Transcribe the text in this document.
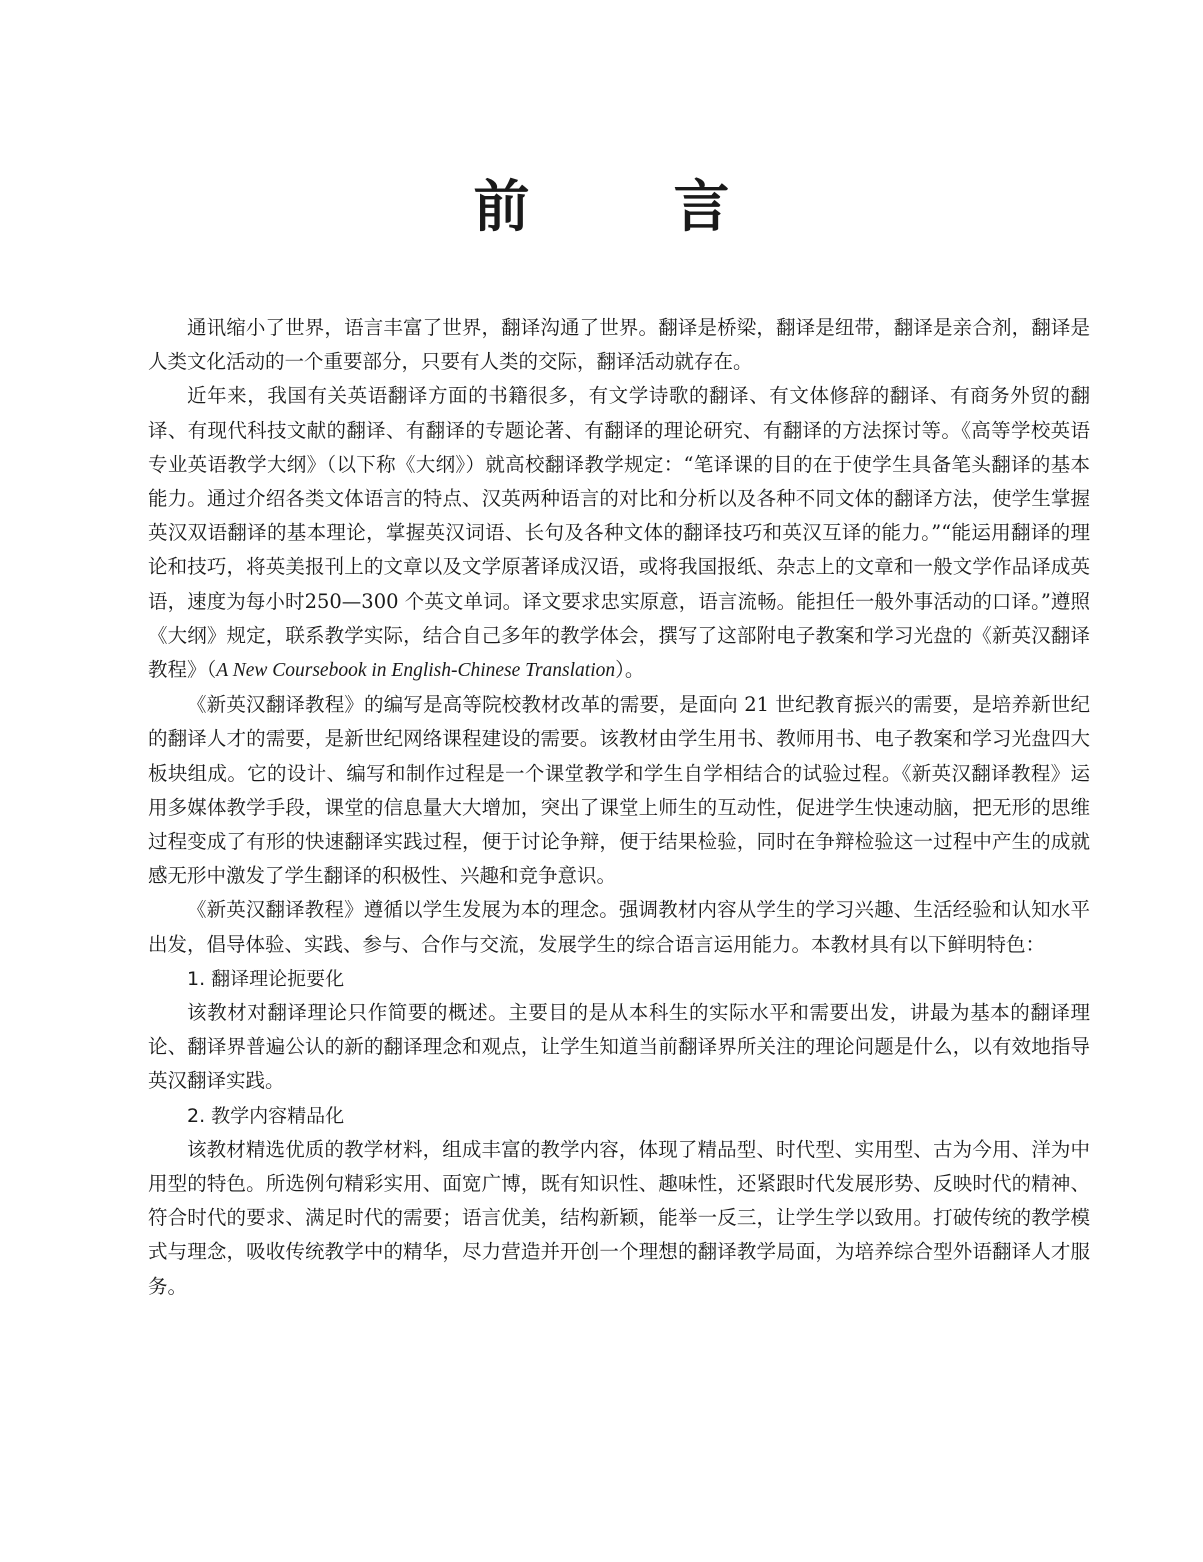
前　言

通讯缩小了世界，语言丰富了世界，翻译沟通了世界。翻译是桥梁，翻译是纽带，翻译是亲合剂，翻译是人类文化活动的一个重要部分，只要有人类的交际，翻译活动就存在。

近年来，我国有关英语翻译方面的书籍很多，有文学诗歌的翻译、有文体修辞的翻译、有商务外贸的翻译、有现代科技文献的翻译、有翻译的专题论著、有翻译的理论研究、有翻译的方法探讨等。《高等学校英语专业英语教学大纲》（以下称《大纲》）就高校翻译教学规定：“笔译课的目的在于使学生具备笔头翻译的基本能力。通过介绍各类文体语言的特点、汉英两种语言的对比和分析以及各种不同文体的翻译方法，使学生掌握英汉双语翻译的基本理论，掌握英汉词语、长句及各种文体的翻译技巧和英汉互译的能力。”“能运用翻译的理论和技巧，将英美报刊上的文章以及文学原著译成汉语，或将我国报纸、杂志上的文章和一般文学作品译成英语，速度为每小时250—300 个英文单词。译文要求忠实原意，语言流畅。能担任一般外事活动的口译。”遵照《大纲》规定，联系教学实际，结合自己多年的教学体会，撰写了这部附电子教案和学习光盘的《新英汉翻译教程》（A New Coursebook in English-Chinese Translation）。

《新英汉翻译教程》的编写是高等院校教材改革的需要，是面向 21 世纪教育振兴的需要，是培养新世纪的翻译人才的需要，是新世纪网络课程建设的需要。该教材由学生用书、教师用书、电子教案和学习光盘四大板块组成。它的设计、编写和制作过程是一个课堂教学和学生自学相结合的试验过程。《新英汉翻译教程》运用多媒体教学手段，课堂的信息量大大增加，突出了课堂上师生的互动性，促进学生快速动脑，把无形的思维过程变成了有形的快速翻译实践过程，便于讨论争辩，便于结果检验，同时在争辩检验这一过程中产生的成就感无形中激发了学生翻译的积极性、兴趣和竞争意识。

《新英汉翻译教程》遵循以学生发展为本的理念。强调教材内容从学生的学习兴趣、生活经验和认知水平出发，倡导体验、实践、参与、合作与交流，发展学生的综合语言运用能力。本教材具有以下鲜明特色：

1. 翻译理论扼要化

该教材对翻译理论只作简要的概述。主要目的是从本科生的实际水平和需要出发，讲最为基本的翻译理论、翻译界普遍公认的新的翻译理念和观点，让学生知道当前翻译界所关注的理论问题是什么，以有效地指导英汉翻译实践。

2. 教学内容精品化

该教材精选优质的教学材料，组成丰富的教学内容，体现了精品型、时代型、实用型、古为今用、洋为中用型的特色。所选例句精彩实用、面宽广博，既有知识性、趣味性，还紧跟时代发展形势、反映时代的精神、符合时代的要求、满足时代的需要；语言优美，结构新颖，能举一反三，让学生学以致用。打破传统的教学模式与理念，吸收传统教学中的精华，尽力营造并开创一个理想的翻译教学局面，为培养综合型外语翻译人才服务。
